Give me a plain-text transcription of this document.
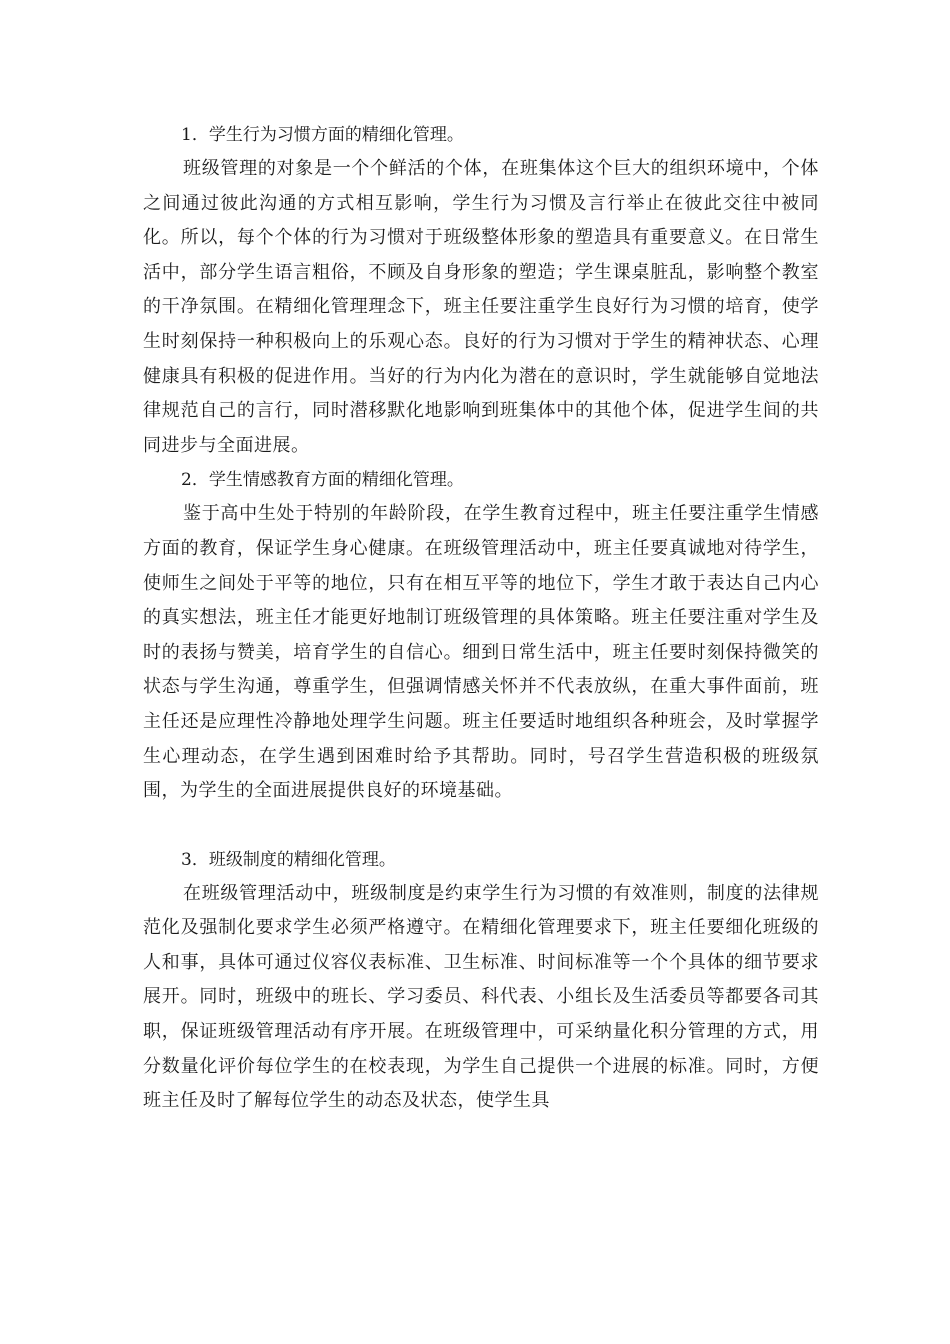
1．学生行为习惯方面的精细化管理。

班级管理的对象是一个个鲜活的个体，在班集体这个巨大的组织环境中，个体之间通过彼此沟通的方式相互影响，学生行为习惯及言行举止在彼此交往中被同化。所以，每个个体的行为习惯对于班级整体形象的塑造具有重要意义。在日常生活中，部分学生语言粗俗，不顾及自身形象的塑造；学生课桌脏乱，影响整个教室的干净氛围。在精细化管理理念下，班主任要注重学生良好行为习惯的培育，使学生时刻保持一种积极向上的乐观心态。良好的行为习惯对于学生的精神状态、心理健康具有积极的促进作用。当好的行为内化为潜在的意识时，学生就能够自觉地法律规范自己的言行，同时潜移默化地影响到班集体中的其他个体，促进学生间的共同进步与全面进展。

2．学生情感教育方面的精细化管理。

鉴于高中生处于特别的年龄阶段，在学生教育过程中，班主任要注重学生情感方面的教育，保证学生身心健康。在班级管理活动中，班主任要真诚地对待学生，使师生之间处于平等的地位，只有在相互平等的地位下，学生才敢于表达自己内心的真实想法，班主任才能更好地制订班级管理的具体策略。班主任要注重对学生及时的表扬与赞美，培育学生的自信心。细到日常生活中，班主任要时刻保持微笑的状态与学生沟通，尊重学生，但强调情感关怀并不代表放纵，在重大事件面前，班主任还是应理性冷静地处理学生问题。班主任要适时地组织各种班会，及时掌握学生心理动态，在学生遇到困难时给予其帮助。同时，号召学生营造积极的班级氛围，为学生的全面进展提供良好的环境基础。

3．班级制度的精细化管理。

在班级管理活动中，班级制度是约束学生行为习惯的有效准则，制度的法律规范化及强制化要求学生必须严格遵守。在精细化管理要求下，班主任要细化班级的人和事，具体可通过仪容仪表标准、卫生标准、时间标准等一个个具体的细节要求展开。同时，班级中的班长、学习委员、科代表、小组长及生活委员等都要各司其职，保证班级管理活动有序开展。在班级管理中，可采纳量化积分管理的方式，用分数量化评价每位学生的在校表现，为学生自己提供一个进展的标准。同时，方便班主任及时了解每位学生的动态及状态，使学生具
